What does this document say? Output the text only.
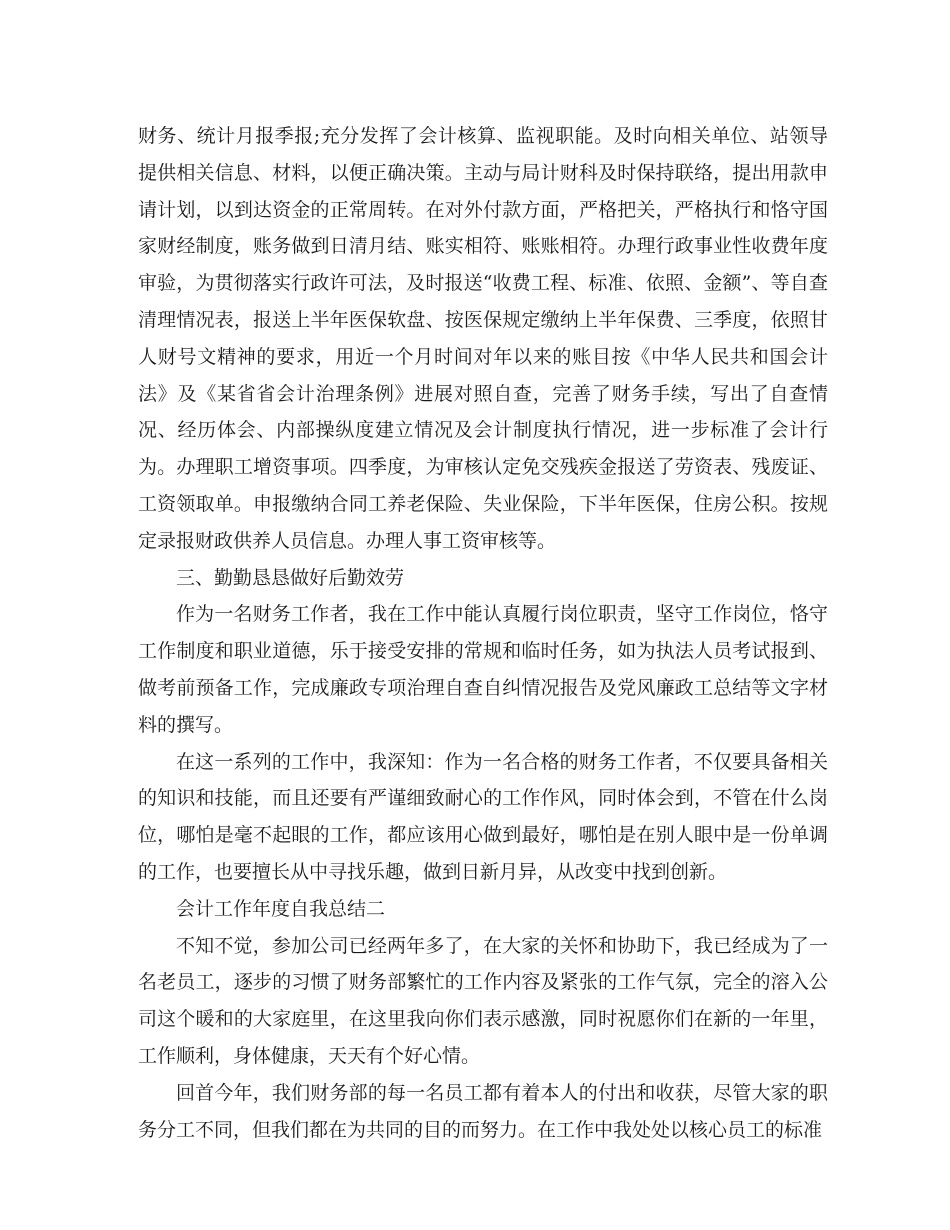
财务、统计月报季报;充分发挥了会计核算、监视职能。及时向相关单位、站领导提供相关信息、材料，以便正确决策。主动与局计财科及时保持联络，提出用款申请计划，以到达资金的正常周转。在对外付款方面，严格把关，严格执行和恪守国家财经制度，账务做到日清月结、账实相符、账账相符。办理行政事业性收费年度审验，为贯彻落实行政许可法，及时报送“收费工程、标准、依照、金额”、等自查清理情况表，报送上半年医保软盘、按医保规定缴纳上半年保费、三季度，依照甘人财号文精神的要求，用近一个月时间对年以来的账目按《中华人民共和国会计法》及《某省省会计治理条例》进展对照自查，完善了财务手续，写出了自查情况、经历体会、内部操纵度建立情况及会计制度执行情况，进一步标准了会计行为。办理职工增资事项。四季度，为审核认定免交残疾金报送了劳资表、残废证、工资领取单。申报缴纳合同工养老保险、失业保险，下半年医保，住房公积。按规定录报财政供养人员信息。办理人事工资审核等。

三、勤勤恳恳做好后勤效劳

作为一名财务工作者，我在工作中能认真履行岗位职责，坚守工作岗位，恪守工作制度和职业道德，乐于接受安排的常规和临时任务，如为执法人员考试报到、做考前预备工作，完成廉政专项治理自查自纠情况报告及党风廉政工总结等文字材料的撰写。

在这一系列的工作中，我深知：作为一名合格的财务工作者，不仅要具备相关的知识和技能，而且还要有严谨细致耐心的工作作风，同时体会到，不管在什么岗位，哪怕是毫不起眼的工作，都应该用心做到最好，哪怕是在别人眼中是一份单调的工作，也要擅长从中寻找乐趣，做到日新月异，从改变中找到创新。

会计工作年度自我总结二

不知不觉，参加公司已经两年多了，在大家的关怀和协助下，我已经成为了一名老员工，逐步的习惯了财务部繁忙的工作内容及紧张的工作气氛，完全的溶入公司这个暖和的大家庭里，在这里我向你们表示感激，同时祝愿你们在新的一年里，工作顺利，身体健康，天天有个好心情。

回首今年，我们财务部的每一名员工都有着本人的付出和收获，尽管大家的职务分工不同，但我们都在为共同的目的而努力。在工作中我处处以核心员工的标准
